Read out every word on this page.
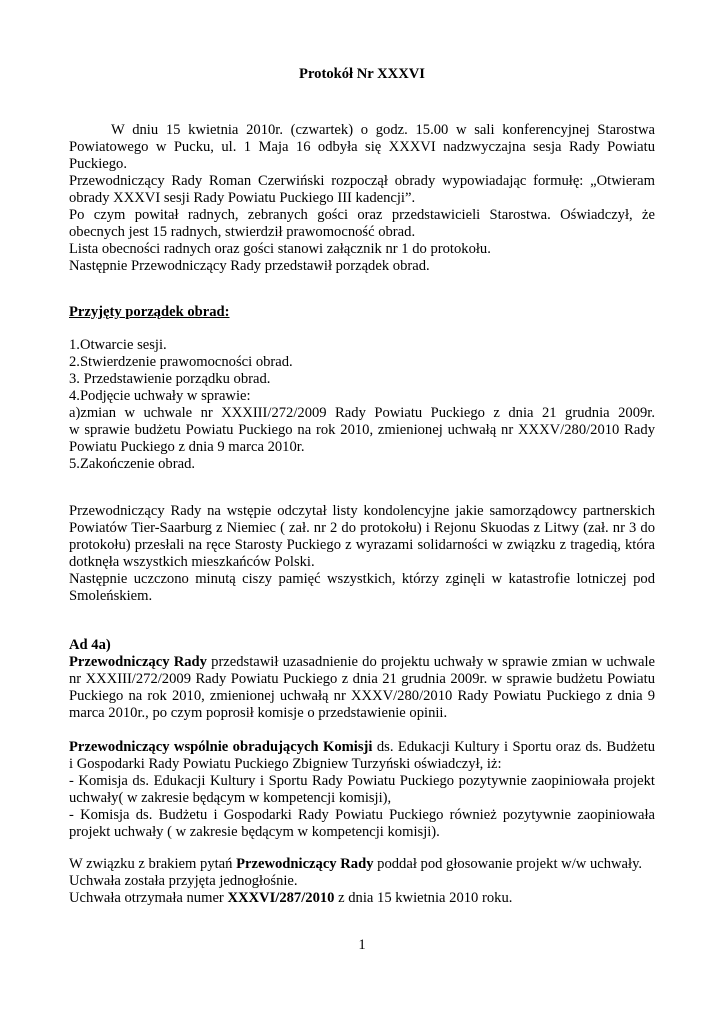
Protokół Nr XXXVI
W dniu 15 kwietnia 2010r. (czwartek) o godz. 15.00 w sali konferencyjnej Starostwa
Powiatowego w Pucku, ul. 1 Maja 16 odbyła się XXXVI nadzwyczajna sesja Rady Powiatu
Puckiego.
Przewodniczący Rady Roman Czerwiński rozpoczął obrady wypowiadając formułę: „Otwieram
obrady XXXVI sesji Rady Powiatu Puckiego III kadencji”.
Po czym powitał radnych, zebranych gości oraz przedstawicieli Starostwa. Oświadczył, że
obecnych jest 15 radnych, stwierdził prawomocność obrad.
Lista obecności radnych oraz gości stanowi załącznik nr 1 do protokołu.
Następnie Przewodniczący Rady przedstawił porządek obrad.
Przyjęty porządek obrad:
1.Otwarcie sesji.
2.Stwierdzenie prawomocności obrad.
3. Przedstawienie porządku obrad.
4.Podjęcie uchwały w sprawie:
a)zmian w uchwale nr XXXIII/272/2009 Rady Powiatu Puckiego z dnia 21 grudnia 2009r.
w sprawie budżetu Powiatu Puckiego na rok 2010, zmienionej uchwałą nr XXXV/280/2010 Rady
Powiatu Puckiego z dnia 9 marca 2010r.
5.Zakończenie obrad.
Przewodniczący Rady na wstępie odczytał listy kondolencyjne jakie samorządowcy partnerskich
Powiatów Tier-Saarburg z Niemiec ( zał. nr 2 do protokołu) i Rejonu Skuodas z Litwy (zał. nr 3 do
protokołu) przesłali na ręce Starosty Puckiego z wyrazami solidarności w związku z tragedią, która
dotknęła wszystkich mieszkańców Polski.
Następnie uczczono minutą ciszy pamięć wszystkich, którzy zginęli w katastrofie lotniczej pod
Smoleńskiem.
Ad 4a)
Przewodniczący Rady przedstawił uzasadnienie do projektu uchwały w sprawie zmian w uchwale
nr XXXIII/272/2009 Rady Powiatu Puckiego z dnia 21 grudnia 2009r. w sprawie budżetu Powiatu
Puckiego na rok 2010, zmienionej uchwałą nr XXXV/280/2010 Rady Powiatu Puckiego z dnia 9
marca 2010r., po czym poprosił komisje o przedstawienie opinii.
Przewodniczący wspólnie obradujących Komisji ds. Edukacji Kultury i Sportu oraz ds. Budżetu
i Gospodarki Rady Powiatu Puckiego Zbigniew Turzyński oświadczył, iż:
- Komisja ds. Edukacji Kultury i Sportu Rady Powiatu Puckiego pozytywnie zaopiniowała projekt
uchwały( w zakresie będącym w kompetencji komisji),
- Komisja ds. Budżetu i Gospodarki Rady Powiatu Puckiego również pozytywnie zaopiniowała
projekt uchwały ( w zakresie będącym w kompetencji komisji).
W związku z brakiem pytań Przewodniczący Rady poddał pod głosowanie projekt w/w uchwały.
Uchwała została przyjęta jednogłośnie.
Uchwała otrzymała numer XXXVI/287/2010 z dnia 15 kwietnia 2010 roku.
1
